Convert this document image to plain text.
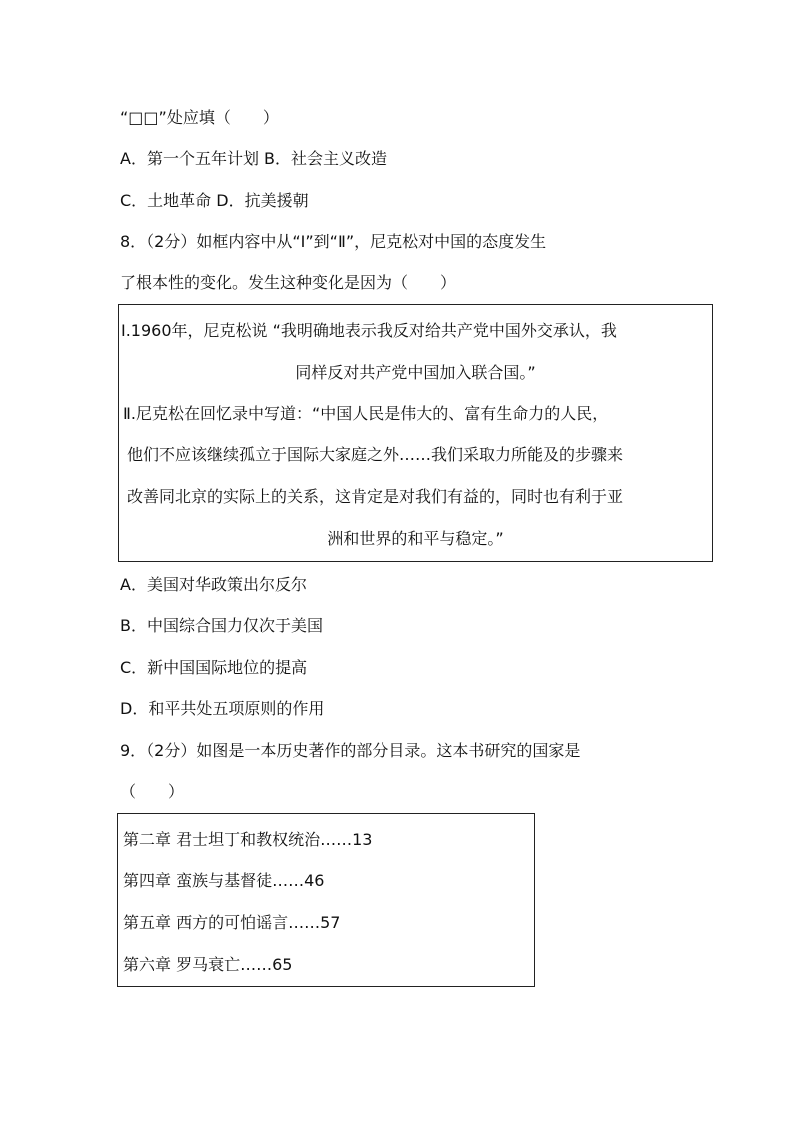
“□□”处应填（　　）
A．第一个五年计划 B．社会主义改造
C．土地革命 D．抗美援朝
8．（2分）如框内容中从“Ⅰ”到“Ⅱ”，尼克松对中国的态度发生
了根本性的变化。发生这种变化是因为（　　）
Ⅰ.1960年，尼克松说 “我明确地表示我反对给共产党中国外交承认，我
同样反对共产党中国加入联合国。”
Ⅱ.尼克松在回忆录中写道：“中国人民是伟大的、富有生命力的人民，
他们不应该继续孤立于国际大家庭之外……我们采取力所能及的步骤来
改善同北京的实际上的关系，这肯定是对我们有益的，同时也有利于亚
洲和世界的和平与稳定。”
A．美国对华政策出尔反尔
B．中国综合国力仅次于美国
C．新中国国际地位的提高
D．和平共处五项原则的作用
9．（2分）如图是一本历史著作的部分目录。这本书研究的国家是
（　　）
第二章 君士坦丁和教权统治……13
第四章 蛮族与基督徒……46
第五章 西方的可怕谣言……57
第六章 罗马衰亡……65
